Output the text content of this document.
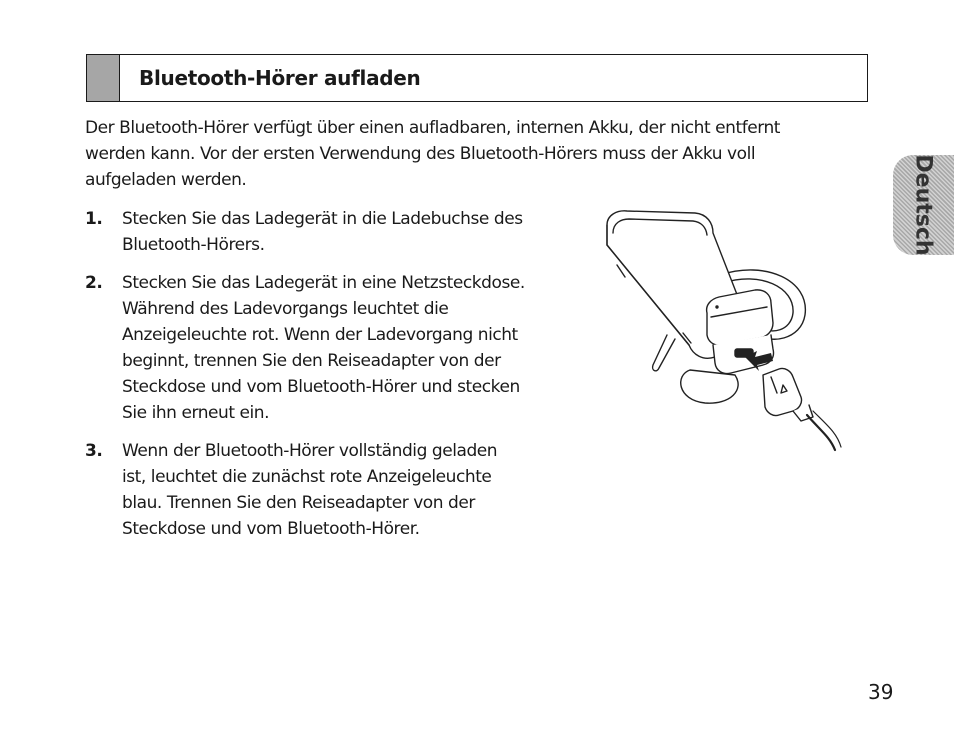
Bluetooth-Hörer aufladen

Der Bluetooth-Hörer verfügt über einen aufladbaren, internen Akku, der nicht entfernt
werden kann. Vor der ersten Verwendung des Bluetooth-Hörers muss der Akku voll
aufgeladen werden.

1. Stecken Sie das Ladegerät in die Ladebuchse des
Bluetooth-Hörers.
2. Stecken Sie das Ladegerät in eine Netzsteckdose.
Während des Ladevorgangs leuchtet die
Anzeigeleuchte rot. Wenn der Ladevorgang nicht
beginnt, trennen Sie den Reiseadapter von der
Steckdose und vom Bluetooth-Hörer und stecken
Sie ihn erneut ein.
3. Wenn der Bluetooth-Hörer vollständig geladen
ist, leuchtet die zunächst rote Anzeigeleuchte
blau. Trennen Sie den Reiseadapter von der
Steckdose und vom Bluetooth-Hörer.
Deutsch
39
